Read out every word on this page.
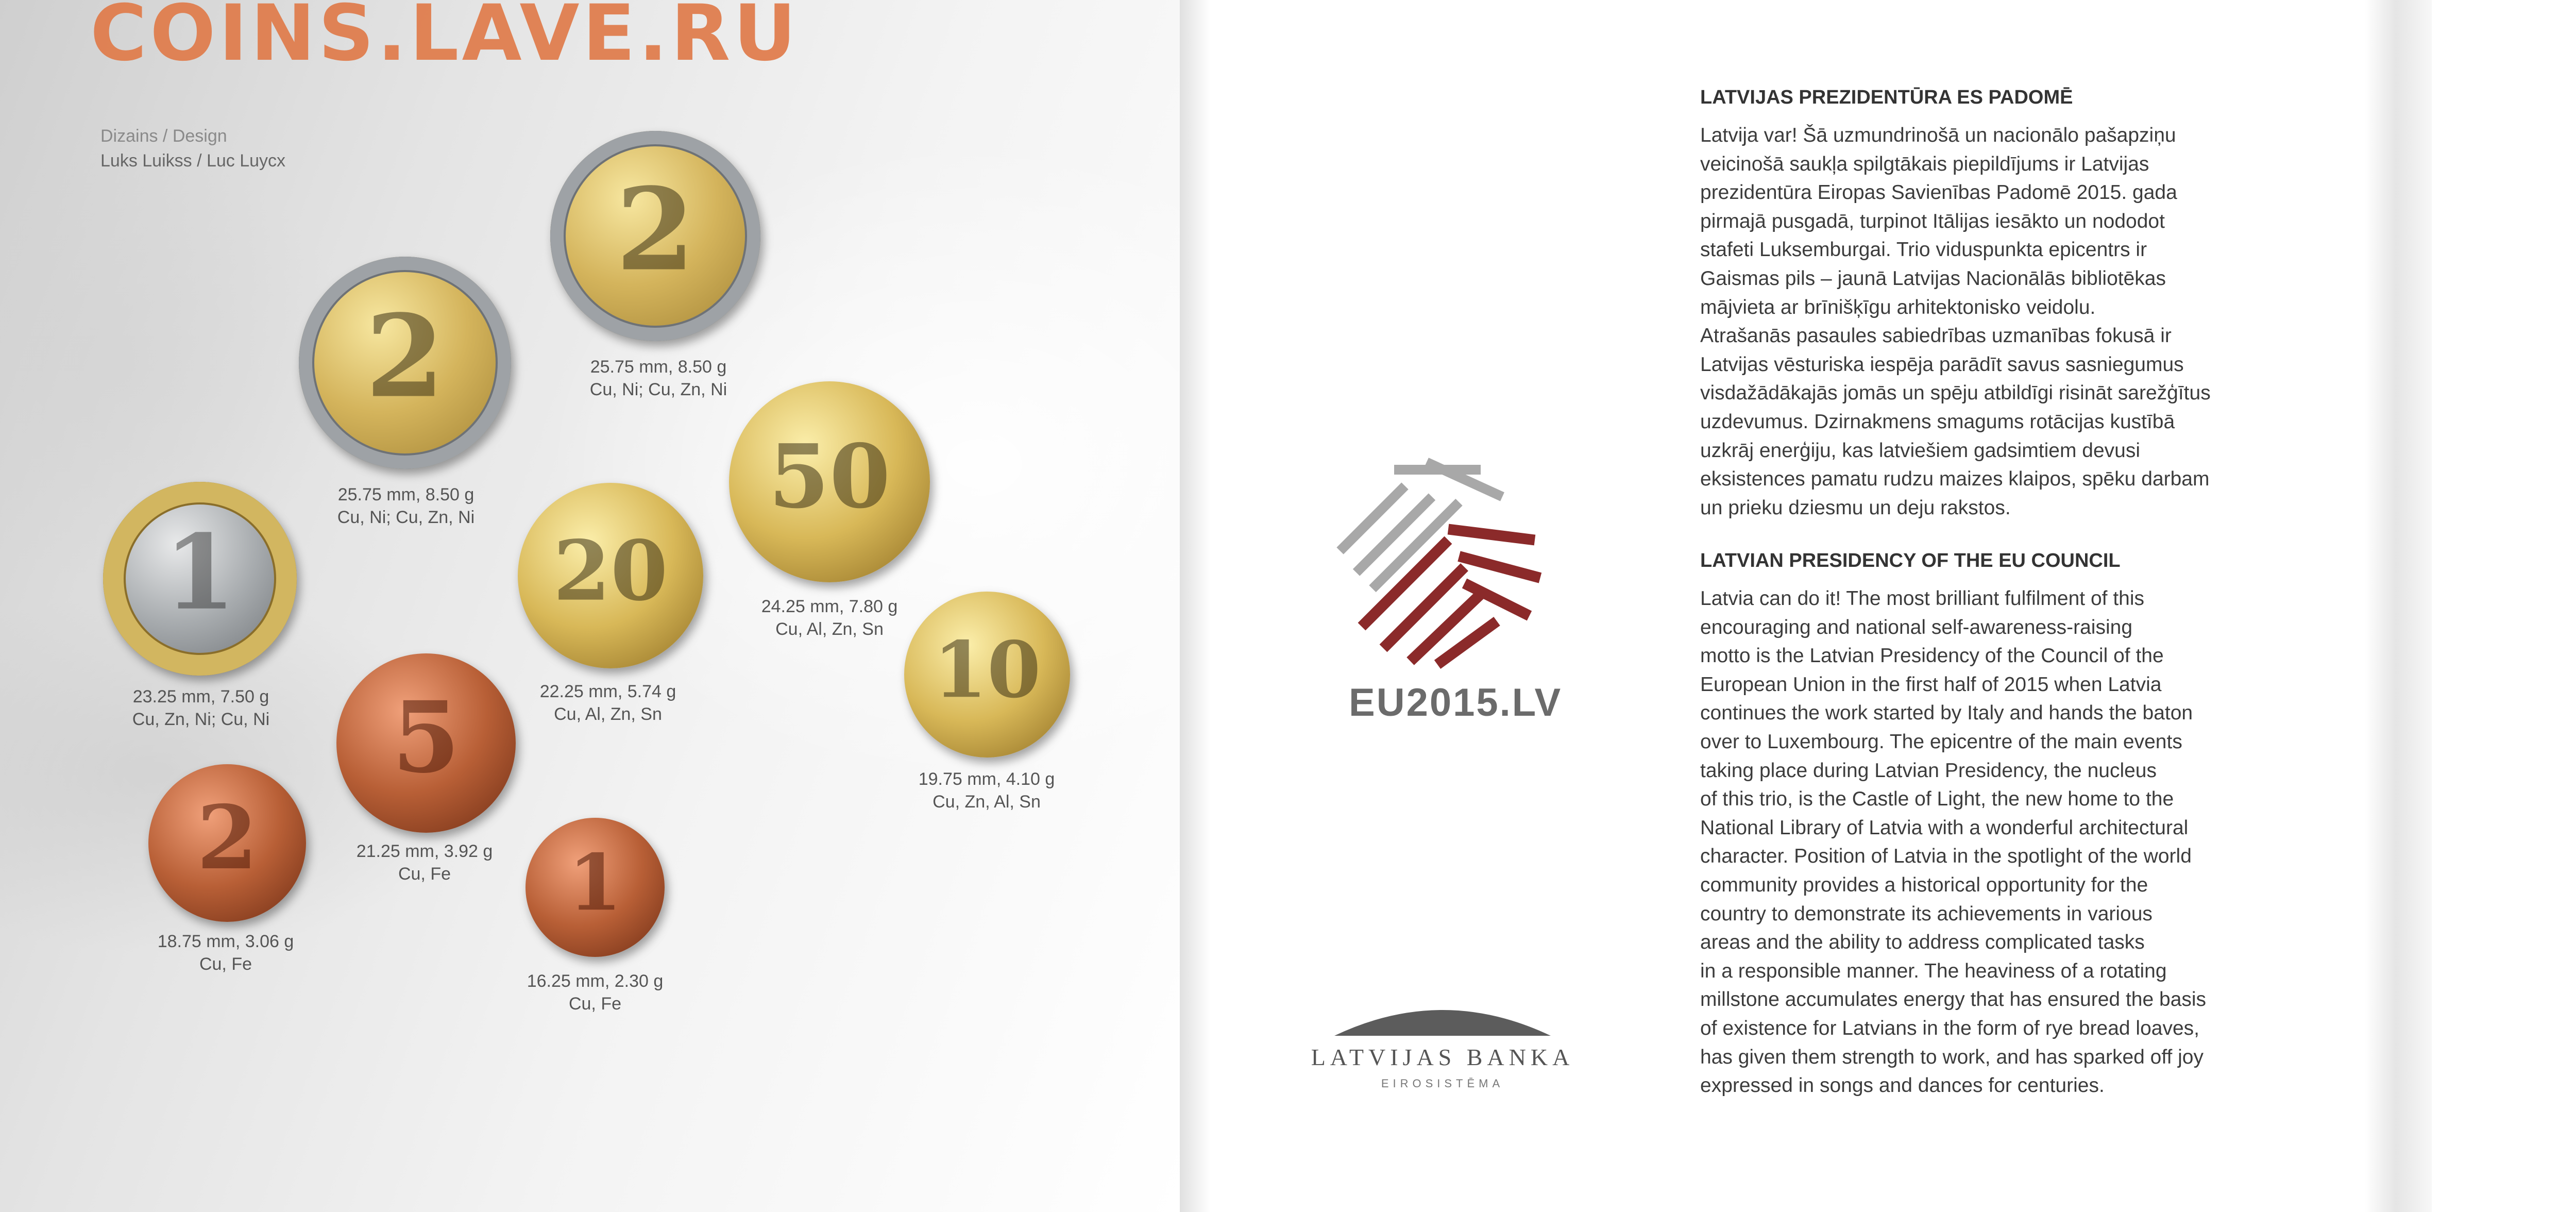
COINS.LAVE.RU
Dizains / Design
Luks Luikss / Luc Luycx
2
25.75 mm, 8.50 g
Cu, Ni; Cu, Zn, Ni
2
25.75 mm, 8.50 g
Cu, Ni; Cu, Zn, Ni
1
23.25 mm, 7.50 g
Cu, Zn, Ni; Cu, Ni
50
24.25 mm, 7.80 g
Cu, Al, Zn, Sn
20
22.25 mm, 5.74 g
Cu, Al, Zn, Sn	10
19.75 mm, 4.10 g
Cu, Zn, Al, Sn
5
21.25 mm, 3.92 g
Cu, Fe
2
18.75 mm, 3.06 g
Cu, Fe
1
16.25 mm, 2.30 g
Cu, Fe
EU2015.LV
LATVIJAS BANKA
EIROSISTĒMA
LATVIJAS PREZIDENTŪRA ES PADOMĒ
Latvija var! Šā uzmundrinošā un nacionālo pašapziņu
veicinošā saukļa spilgtākais piepildījums ir Latvijas
prezidentūra Eiropas Savienības Padomē 2015. gada
pirmajā pusgadā, turpinot Itālijas iesākto un nododot
stafeti Luksemburgai. Trio viduspunkta epicentrs ir
Gaismas pils – jaunā Latvijas Nacionālās bibliotēkas
mājvieta ar brīnišķīgu arhitektonisko veidolu.
Atrašanās pasaules sabiedrības uzmanības fokusā ir
Latvijas vēsturiska iespēja parādīt savus sasniegumus
visdažādākajās jomās un spēju atbildīgi risināt sarežģītus
uzdevumus. Dzirnakmens smagums rotācijas kustībā
uzkrāj enerģiju, kas latviešiem gadsimtiem devusi
eksistences pamatu rudzu maizes klaipos, spēku darbam
un prieku dziesmu un deju rakstos.
LATVIAN PRESIDENCY OF THE EU COUNCIL
Latvia can do it! The most brilliant fulfilment of this
encouraging and national self-awareness-raising
motto is the Latvian Presidency of the Council of the
European Union in the first half of 2015 when Latvia
continues the work started by Italy and hands the baton
over to Luxembourg. The epicentre of the main events
taking place during Latvian Presidency, the nucleus
of this trio, is the Castle of Light, the new home to the
National Library of Latvia with a wonderful architectural
character. Position of Latvia in the spotlight of the world
community provides a historical opportunity for the
country to demonstrate its achievements in various
areas and the ability to address complicated tasks
in a responsible manner. The heaviness of a rotating
millstone accumulates energy that has ensured the basis
of existence for Latvians in the form of rye bread loaves,
has given them strength to work, and has sparked off joy
expressed in songs and dances for centuries.
